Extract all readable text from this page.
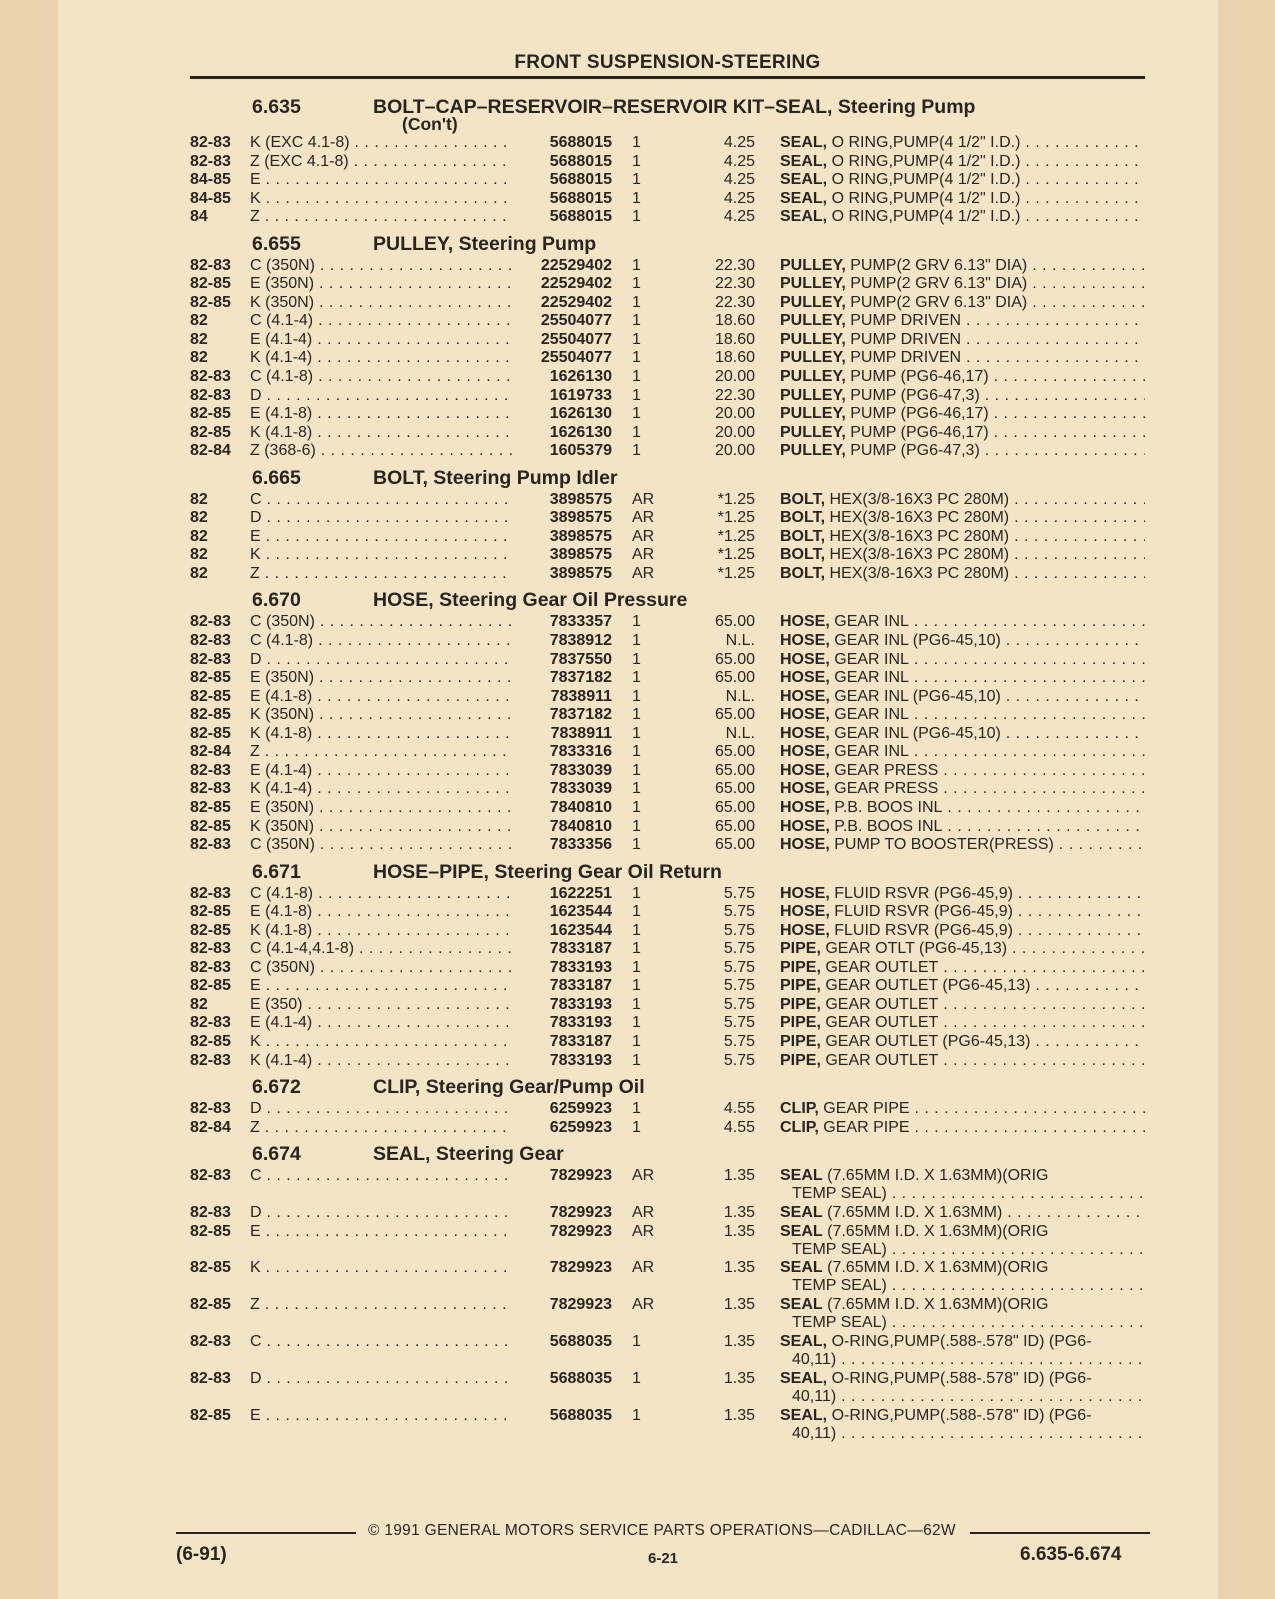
FRONT SUSPENSION-STEERING
6.635	BOLT–CAP–RESERVOIR–RESERVOIR KIT–SEAL, Steering Pump
(Con't)
82-83 K (EXC 4.1-8) . . .	5688015 1	4.25 SEAL, O RING,PUMP(4 1/2" I.D.) . . .
82-83 Z (EXC 4.1-8) . . .	5688015 1	4.25 SEAL, O RING,PUMP(4 1/2" I.D.) . . .
84-85 E . . .	5688015 1	4.25 SEAL, O RING,PUMP(4 1/2" I.D.) . . .
84-85 K . . .	5688015 1	4.25 SEAL, O RING,PUMP(4 1/2" I.D.) . . .
84	Z . . .	5688015 1	4.25 SEAL, O RING,PUMP(4 1/2" I.D.) . . .
6.655	PULLEY, Steering Pump
82-83 C (350N) . . .	22529402 1	22.30 PULLEY, PUMP(2 GRV 6.13" DIA) . . .
82-85 E (350N) . . .	22529402 1	22.30 PULLEY, PUMP(2 GRV 6.13" DIA) . . .
82-85 K (350N) . . .	22529402 1	22.30 PULLEY, PUMP(2 GRV 6.13" DIA) . . .
82	C (4.1-4) . . .	25504077 1	18.60 PULLEY, PUMP DRIVEN . . .
82	E (4.1-4) . . .	25504077 1	18.60 PULLEY, PUMP DRIVEN . . .
82	K (4.1-4) . . .	25504077 1	18.60 PULLEY, PUMP DRIVEN . . .
82-83 C (4.1-8) . . .	1626130 1	20.00 PULLEY, PUMP (PG6-46,17) . . .
82-83 D . . .	1619733 1	22.30 PULLEY, PUMP (PG6-47,3) . . .
82-85 E (4.1-8) . . .	1626130 1	20.00 PULLEY, PUMP (PG6-46,17) . . .
82-85 K (4.1-8) . . .	1626130 1	20.00 PULLEY, PUMP (PG6-46,17) . . .
82-84 Z (368-6) . . .	1605379 1	20.00 PULLEY, PUMP (PG6-47,3) . . .
6.665	BOLT, Steering Pump Idler
82	C . . .	3898575 AR	*1.25 BOLT, HEX(3/8-16X3 PC 280M) . . .
82	D . . .	3898575 AR	*1.25 BOLT, HEX(3/8-16X3 PC 280M) . . .
82	E . . .	3898575 AR	*1.25 BOLT, HEX(3/8-16X3 PC 280M) . . .
82	K . . .	3898575 AR	*1.25 BOLT, HEX(3/8-16X3 PC 280M) . . .
82	Z . . .	3898575 AR	*1.25 BOLT, HEX(3/8-16X3 PC 280M) . . .
6.670	HOSE, Steering Gear Oil Pressure
82-83 C (350N) . . .	7833357 1	65.00 HOSE, GEAR INL . . .
82-83 C (4.1-8) . . .	7838912 1	N.L. HOSE, GEAR INL (PG6-45,10) . . .
82-83 D . . .	7837550 1	65.00 HOSE, GEAR INL . . .
82-85 E (350N) . . .	7837182 1	65.00 HOSE, GEAR INL . . .
82-85 E (4.1-8) . . .	7838911 1	N.L. HOSE, GEAR INL (PG6-45,10) . . .
82-85 K (350N) . . .	7837182 1	65.00 HOSE, GEAR INL . . .
82-85 K (4.1-8) . . .	7838911 1	N.L. HOSE, GEAR INL (PG6-45,10) . . .
82-84 Z . . .	7833316 1	65.00 HOSE, GEAR INL . . .
82-83 E (4.1-4) . . .	7833039 1	65.00 HOSE, GEAR PRESS . . .
82-83 K (4.1-4) . . .	7833039 1	65.00 HOSE, GEAR PRESS . . .
82-85 E (350N) . . .	7840810 1	65.00 HOSE, P.B. BOOS INL . . .
82-85 K (350N) . . .	7840810 1	65.00 HOSE, P.B. BOOS INL . . .
82-83 C (350N) . . .	7833356 1	65.00 HOSE, PUMP TO BOOSTER(PRESS) . . .
6.671	HOSE–PIPE, Steering Gear Oil Return
82-83 C (4.1-8) . . .	1622251 1	5.75 HOSE, FLUID RSVR (PG6-45,9) . . .
82-85 E (4.1-8) . . .	1623544 1	5.75 HOSE, FLUID RSVR (PG6-45,9) . . .
82-85 K (4.1-8) . . .	1623544 1	5.75 HOSE, FLUID RSVR (PG6-45,9) . . .
82-83 C (4.1-4,4.1-8) . . .	7833187 1	5.75 PIPE, GEAR OTLT (PG6-45,13) . . .
82-83 C (350N) . . .	7833193 1	5.75 PIPE, GEAR OUTLET . . .
82-85 E . . .	7833187 1	5.75 PIPE, GEAR OUTLET (PG6-45,13) . . .
82	E (350) . . .	7833193 1	5.75 PIPE, GEAR OUTLET . . .
82-83 E (4.1-4) . . .	7833193 1	5.75 PIPE, GEAR OUTLET . . .
82-85 K . . .	7833187 1	5.75 PIPE, GEAR OUTLET (PG6-45,13) . . .
82-83 K (4.1-4) . . .	7833193 1	5.75 PIPE, GEAR OUTLET . . .
6.672	CLIP, Steering Gear/Pump Oil
82-83 D . . .	6259923 1	4.55 CLIP, GEAR PIPE . . .
82-84 Z . . .	6259923 1	4.55 CLIP, GEAR PIPE . . .
6.674	SEAL, Steering Gear
82-83 C . . .	7829923 AR	1.35 SEAL (7.65MM I.D. X 1.63MM)(ORIG
TEMP SEAL) . . .
82-83 D . . .	7829923 AR	1.35 SEAL (7.65MM I.D. X 1.63MM) . . .
82-85 E . . .	7829923 AR	1.35 SEAL (7.65MM I.D. X 1.63MM)(ORIG
TEMP SEAL) . . .
82-85 K . . .	7829923 AR	1.35 SEAL (7.65MM I.D. X 1.63MM)(ORIG
TEMP SEAL) . . .
82-85 Z . . .	7829923 AR	1.35 SEAL (7.65MM I.D. X 1.63MM)(ORIG
TEMP SEAL) . . .
82-83 C . . .	5688035 1	1.35 SEAL, O-RING,PUMP(.588-.578" ID) (PG6-
40,11) . . .
82-83 D . . .	5688035 1	1.35 SEAL, O-RING,PUMP(.588-.578" ID) (PG6-
40,11) . . .
82-85 E . . .	5688035 1	1.35 SEAL, O-RING,PUMP(.588-.578" ID) (PG6-
40,11) . . .
© 1991 GENERAL MOTORS SERVICE PARTS OPERATIONS—CADILLAC—62W
(6-91)	6-21	6.635-6.674
